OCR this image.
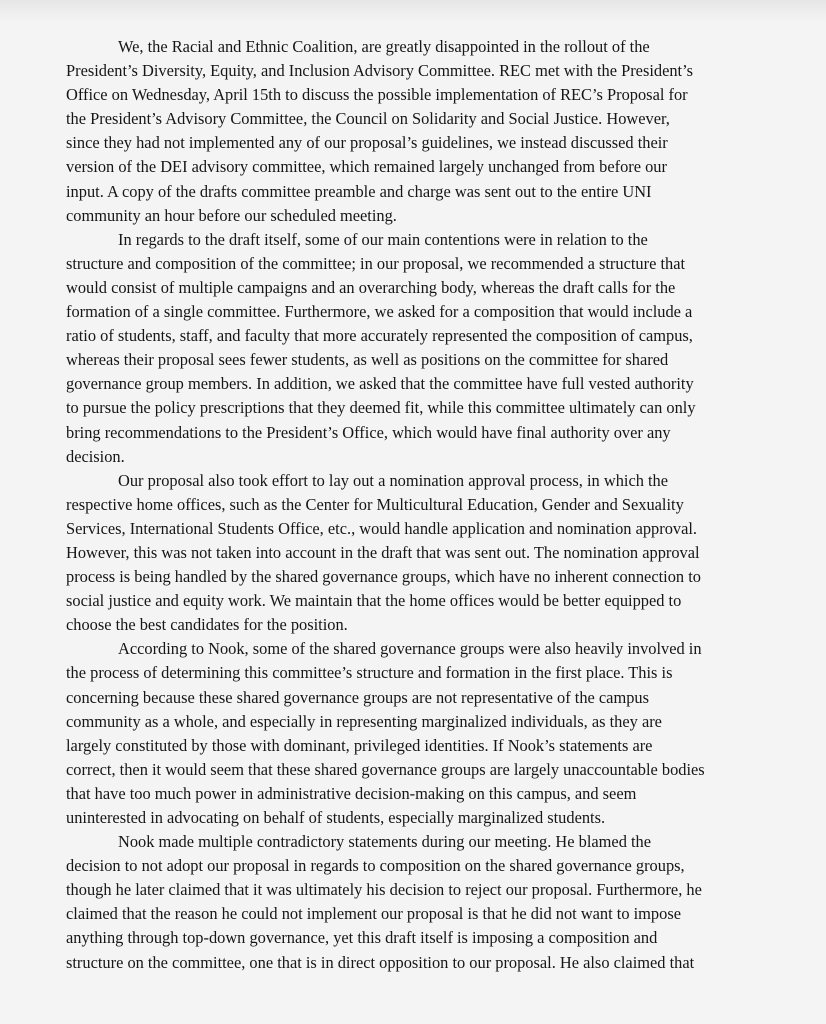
We, the Racial and Ethnic Coalition, are greatly disappointed in the rollout of the
President’s Diversity, Equity, and Inclusion Advisory Committee. REC met with the President’s
Office on Wednesday, April 15th to discuss the possible implementation of REC’s Proposal for
the President’s Advisory Committee, the Council on Solidarity and Social Justice. However,
since they had not implemented any of our proposal’s guidelines, we instead discussed their
version of the DEI advisory committee, which remained largely unchanged from before our
input. A copy of the drafts committee preamble and charge was sent out to the entire UNI
community an hour before our scheduled meeting.

In regards to the draft itself, some of our main contentions were in relation to the
structure and composition of the committee; in our proposal, we recommended a structure that
would consist of multiple campaigns and an overarching body, whereas the draft calls for the
formation of a single committee. Furthermore, we asked for a composition that would include a
ratio of students, staff, and faculty that more accurately represented the composition of campus,
whereas their proposal sees fewer students, as well as positions on the committee for shared
governance group members. In addition, we asked that the committee have full vested authority
to pursue the policy prescriptions that they deemed fit, while this committee ultimately can only
bring recommendations to the President’s Office, which would have final authority over any
decision.

Our proposal also took effort to lay out a nomination approval process, in which the
respective home offices, such as the Center for Multicultural Education, Gender and Sexuality
Services, International Students Office, etc., would handle application and nomination approval.
However, this was not taken into account in the draft that was sent out. The nomination approval
process is being handled by the shared governance groups, which have no inherent connection to
social justice and equity work. We maintain that the home offices would be better equipped to
choose the best candidates for the position.

According to Nook, some of the shared governance groups were also heavily involved in
the process of determining this committee’s structure and formation in the first place. This is
concerning because these shared governance groups are not representative of the campus
community as a whole, and especially in representing marginalized individuals, as they are
largely constituted by those with dominant, privileged identities. If Nook’s statements are
correct, then it would seem that these shared governance groups are largely unaccountable bodies
that have too much power in administrative decision-making on this campus, and seem
uninterested in advocating on behalf of students, especially marginalized students.

Nook made multiple contradictory statements during our meeting. He blamed the
decision to not adopt our proposal in regards to composition on the shared governance groups,
though he later claimed that it was ultimately his decision to reject our proposal. Furthermore, he
claimed that the reason he could not implement our proposal is that he did not want to impose
anything through top-down governance, yet this draft itself is imposing a composition and
structure on the committee, one that is in direct opposition to our proposal. He also claimed that
